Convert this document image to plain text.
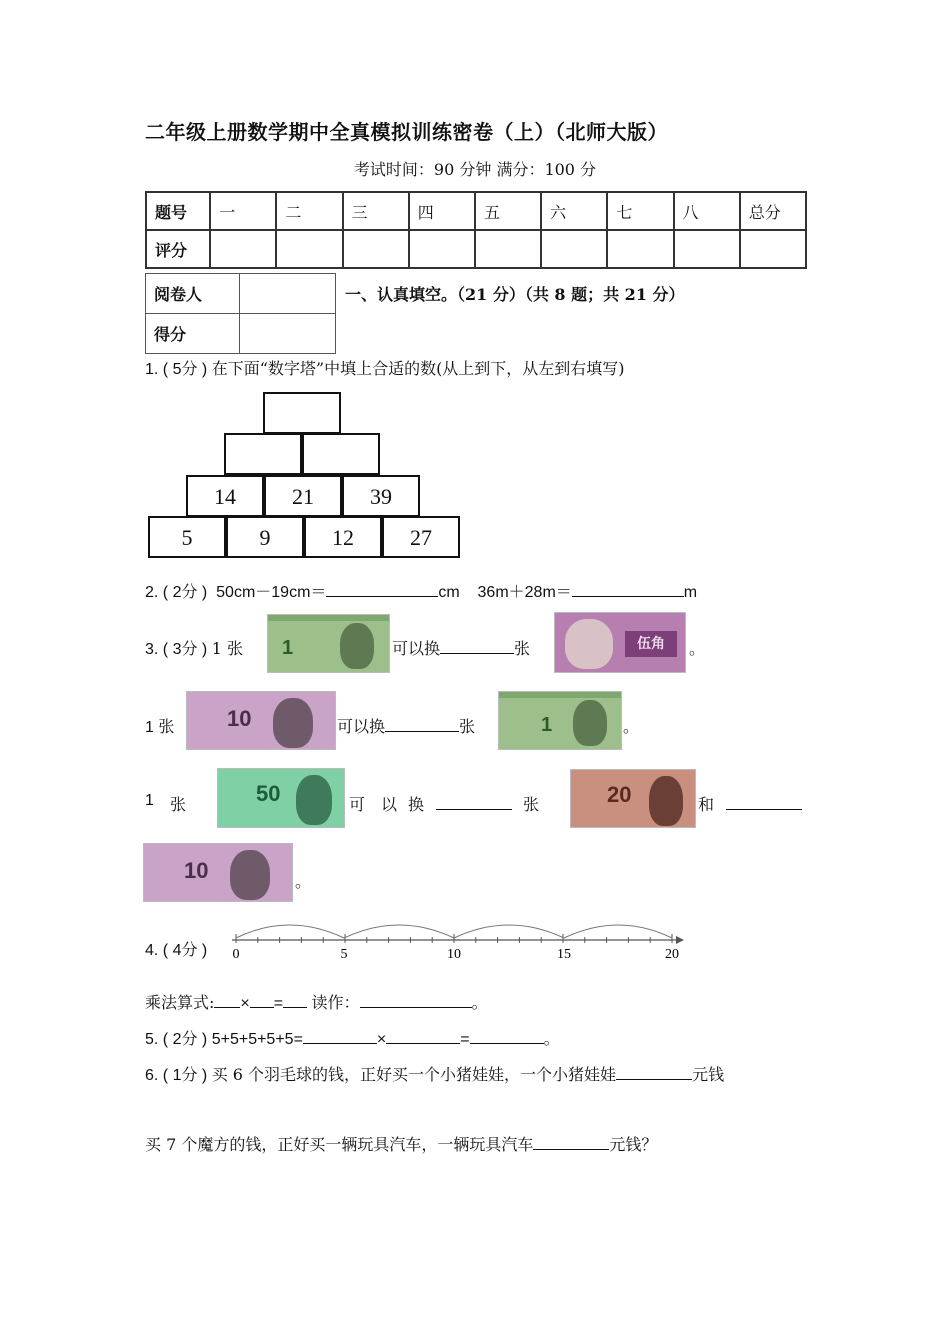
二年级上册数学期中全真模拟训练密卷（上）（北师大版）
考试时间：90 分钟 满分：100 分
题号	一	二	三	四	五	六	七	八	总分
评分									
阅卷人	
得分	
一、认真填空。（21 分）（共 8 题；共 21 分）
1. ( 5分 ) 在下面“数字塔”中填上合适的数(从上到下，从左到右填写)
14	21	39
5	9	12	27
2. ( 2分 ) 50cm－19cm＝	cm 36m＋28m＝	m
3. ( 3分 ) 1 张 1	可以换	张	伍角	。
1 张 10	可以换	张	1	。
1 张	50	可 以 换	张	20	和
10	。
4. ( 4分 ) 0	5	10	15	20
乘法算式: × = 读作：	。
5. ( 2分 ) 5+5+5+5+5=	×	=	。
6. ( 1分 ) 买 6 个羽毛球的钱，正好买一个小猪娃娃，一个小猪娃娃	元钱
买 7 个魔方的钱，正好买一辆玩具汽车，一辆玩具汽车	元钱？
